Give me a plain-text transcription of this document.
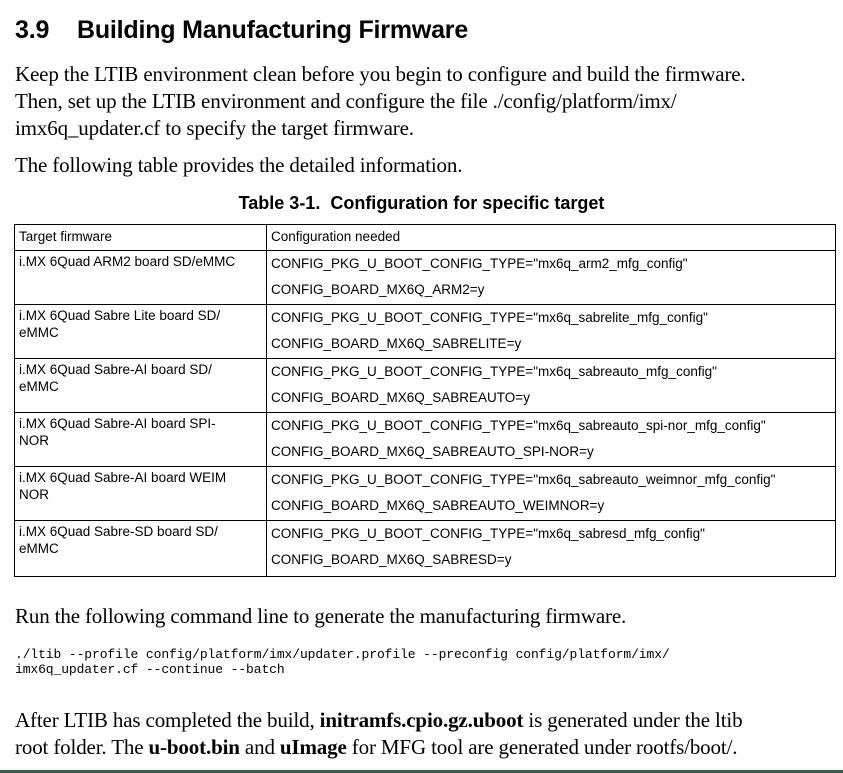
3.9 Building Manufacturing Firmware

Keep the LTIB environment clean before you begin to configure and build the firmware.
Then, set up the LTIB environment and configure the file ./config/platform/imx/
imx6q_updater.cf to specify the target firmware.

The following table provides the detailed information.

Table 3-1. Configuration for specific target
Target firmware	Configuration needed

i.MX 6Quad ARM2 board SD/eMMC	CONFIG_PKG_U_BOOT_CONFIG_TYPE="mx6q_arm2_mfg_config"
CONFIG_BOARD_MX6Q_ARM2=y

i.MX 6Quad Sabre Lite board SD/
eMMC	CONFIG_PKG_U_BOOT_CONFIG_TYPE="mx6q_sabrelite_mfg_config"
CONFIG_BOARD_MX6Q_SABRELITE=y

i.MX 6Quad Sabre-AI board SD/
eMMC	CONFIG_PKG_U_BOOT_CONFIG_TYPE="mx6q_sabreauto_mfg_config"
CONFIG_BOARD_MX6Q_SABREAUTO=y

i.MX 6Quad Sabre-AI board SPI-
NOR	CONFIG_PKG_U_BOOT_CONFIG_TYPE="mx6q_sabreauto_spi-nor_mfg_config"
CONFIG_BOARD_MX6Q_SABREAUTO_SPI-NOR=y

i.MX 6Quad Sabre-AI board WEIM
NOR	CONFIG_PKG_U_BOOT_CONFIG_TYPE="mx6q_sabreauto_weimnor_mfg_config"
CONFIG_BOARD_MX6Q_SABREAUTO_WEIMNOR=y

i.MX 6Quad Sabre-SD board SD/
eMMC	CONFIG_PKG_U_BOOT_CONFIG_TYPE="mx6q_sabresd_mfg_config"
CONFIG_BOARD_MX6Q_SABRESD=y

Run the following command line to generate the manufacturing firmware.

./ltib --profile config/platform/imx/updater.profile --preconfig config/platform/imx/
imx6q_updater.cf --continue --batch

After LTIB has completed the build, initramfs.cpio.gz.uboot is generated under the ltib
root folder. The u-boot.bin and uImage for MFG tool are generated under rootfs/boot/.
